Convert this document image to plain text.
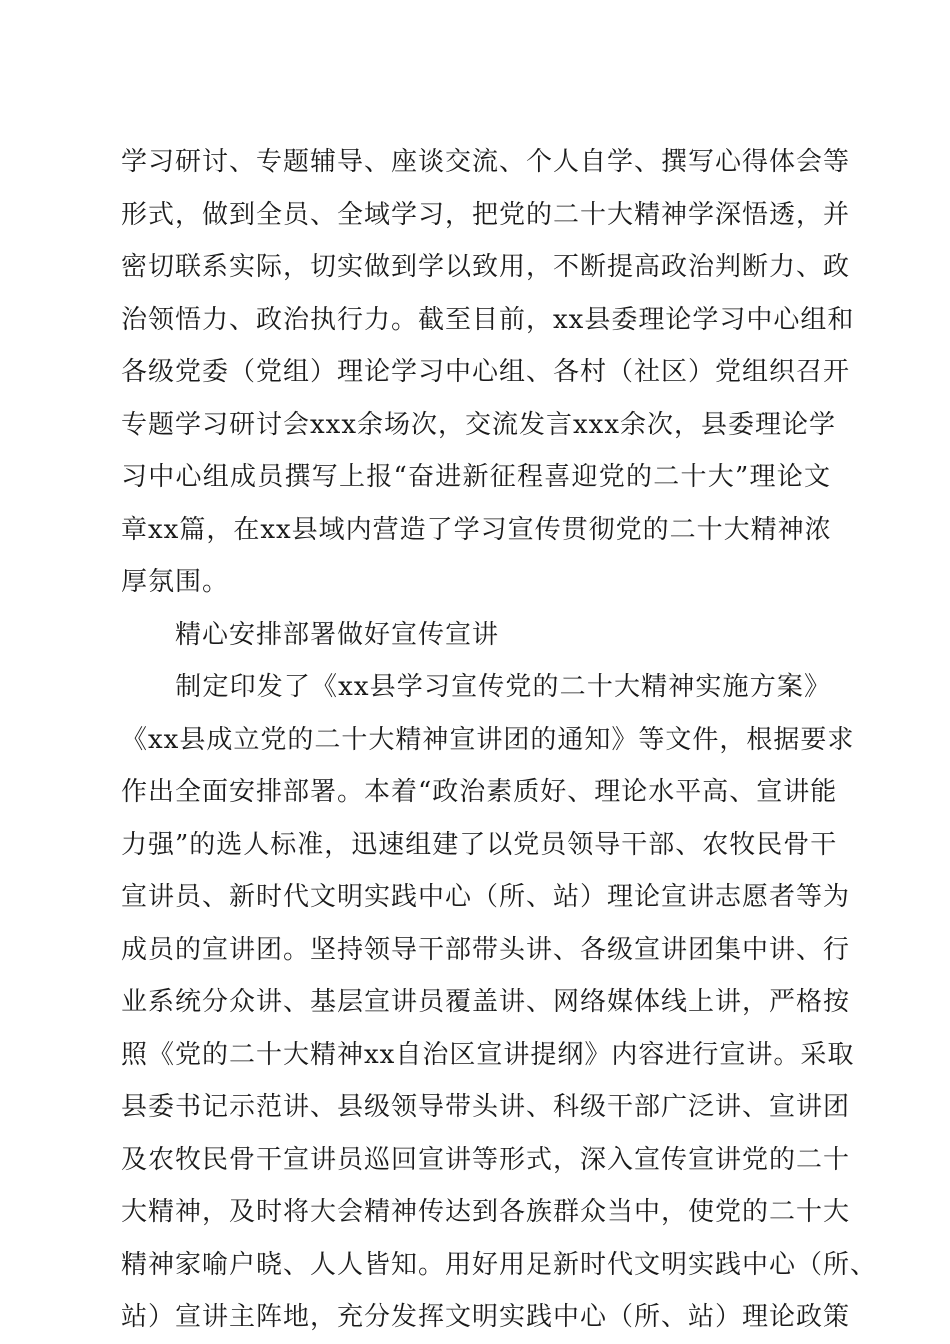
学习研讨、专题辅导、座谈交流、个人自学、撰写心得体会等
形式，做到全员、全域学习，把党的二十大精神学深悟透，并
密切联系实际，切实做到学以致用，不断提高政治判断力、政
治领悟力、政治执行力。截至目前，xx县委理论学习中心组和
各级党委（党组）理论学习中心组、各村（社区）党组织召开
专题学习研讨会xxx余场次，交流发言xxx余次，县委理论学
习中心组成员撰写上报“奋进新征程喜迎党的二十大”理论文
章xx篇，在xx县域内营造了学习宣传贯彻党的二十大精神浓
厚氛围。
　　精心安排部署做好宣传宣讲
　　制定印发了《xx县学习宣传党的二十大精神实施方案》
《xx县成立党的二十大精神宣讲团的通知》等文件，根据要求
作出全面安排部署。本着“政治素质好、理论水平高、宣讲能
力强”的选人标准，迅速组建了以党员领导干部、农牧民骨干
宣讲员、新时代文明实践中心（所、站）理论宣讲志愿者等为
成员的宣讲团。坚持领导干部带头讲、各级宣讲团集中讲、行
业系统分众讲、基层宣讲员覆盖讲、网络媒体线上讲，严格按
照《党的二十大精神xx自治区宣讲提纲》内容进行宣讲。采取
县委书记示范讲、县级领导带头讲、科级干部广泛讲、宣讲团
及农牧民骨干宣讲员巡回宣讲等形式，深入宣传宣讲党的二十
大精神，及时将大会精神传达到各族群众当中，使党的二十大
精神家喻户晓、人人皆知。用好用足新时代文明实践中心（所、
站）宣讲主阵地，充分发挥文明实践中心（所、站）理论政策
